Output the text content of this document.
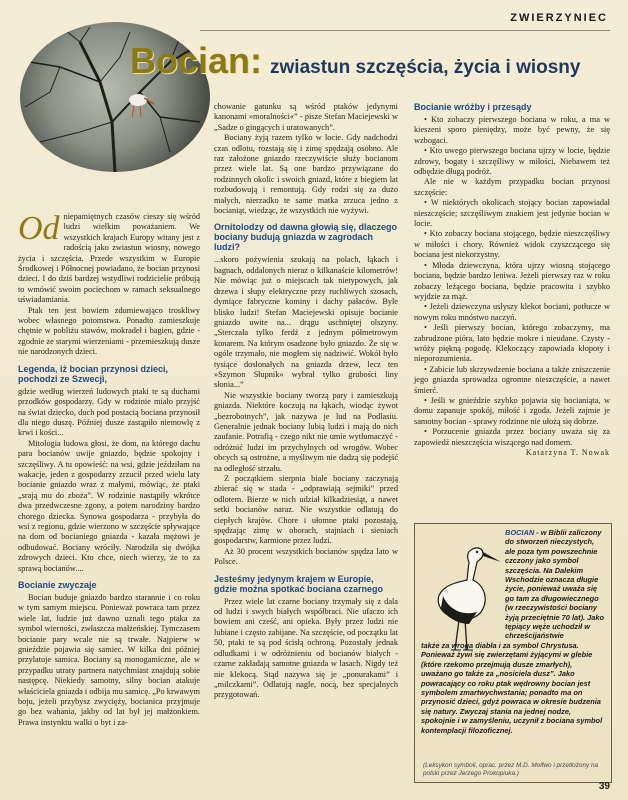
ZWIERZYNIEC
Bocian: zwiastun szczęścia, życia i wiosny

Od niepamiętnych czasów cieszy się wśród ludzi wielkim poważaniem. We wszystkich krajach Europy witany jest z radością jako zwiastun wiosny, nowego życia i szczęścia. Przede wszystkim w Europie Środkowej i Północnej powiadano, że bocian przynosi dzieci. I do dziś bardzej wstydliwi rodzicielie próbują to wmówić swoim pociechom w ramach seksualnego uświadamiania.

Ptak ten jest bowiem zdumiewająco troskliwy wobec własnego potomstwa. Ponadto zamieszkuje chętnie w pobliżu stawów, mokradeł i bagien, gdzie - zgodnie ze starymi wierzeniami - przemieszkują dusze nie narodzonych dzieci.

Legenda, iż bocian przynosi dzieci, pochodzi ze Szwecji,

gdzie według wierzeń ludowych ptaki te są duchami przodków gospodarzy. Gdy w rodzinie miało przyjść na świat dziecko, duch pod postacią bociana przynosił dla niego duszę. Później dusze zastąpiło niemowlę z krwi i kości...

Mitologia ludowa głosi, że dom, na którego dachu para bocianów uwije gniazdo, będzie spokojny i szczęśliwy. A tu opowieść: na wsi, gdzie jeździłam na wakacje, jeden z gospodarzy zrzucił przed wielu laty bocianie gniazdo wraz z małymi, mówiąc, że ptaki „srają mu do zboża”. W rodzinie nastąpiły wkrótce dwa przedwczesne zgony, a potem narodziny bardzo chorego dziecka. Synowa gospodarza - przybyła do wsi z regionu, gdzie wierzono w szczęście spływające na dom od bocianiego gniazda - kazała mężowi je odbudować. Bociany wróciły. Narodziła się dwójka zdrowych dzieci. Kto chce, niech wierzy, że to za sprawą bocianów....

Bocianie zwyczaje

Bocian buduje gniazdo bardzo starannie i co roku w tym samym miejscu. Ponieważ powraca tam przez wiele lat, ludzie już dawno uznali tego ptaka za symbol wierności, zwłaszcza małżeńskiej. Tymczasem bocianie pary wcale nie są trwałe. Najpierw w gnieździe pojawia się samiec. W kilka dni później przylatuje samica. Bociany są monogamiczne, ale w przypadku utraty partnera natychmiast znajdują sobie następcę. Niekiedy samotny, silny bocian atakuje właściciela gniazda i odbija mu samicę. „Po krwawym boju, jeżeli przybysz zwycięży, bocianica przyjmuje go bez wahania, jakby od lat był jej małżonkiem. Prawa instynktu walki o byt i za-

chowanie gatunku są wśród ptaków jedynymi kanonami »moralności«” - pisze Stefan Maciejewski w „Sadze o gingących i uratowanych”.

Bociany żyją razem tylko w locie. Gdy nadchodzi czas odlotu, rozstają się i zimę spędzają osobno. Ale raz założone gniazdo rzeczywiście służy bocianom przez wiele lat. Są one bardzo przywiązane do rodzinnych okolic i swoich gniazd, które z biegiem lat rozbudowują i remontują. Gdy rodzi się za dużo małych, nierzadko te same matka zrzuca jedno z bocianiąt, wiedząc, że wszystkich nie wyżywi.

Ornitolodzy od dawna głowią się, dlaczego bociany budują gniazda w zagrodach ludzi?

...skoro pożywienia szukają na polach, łąkach i bagnach, oddalonych nieraz o kilkanaście kilometrów! Nie mówiąc już o miejscach tak nietypowych, jak drzewa i słupy elektryczne przy ruchliwych szosach, dymiące fabryczne kominy i dachy pałaców. Byle blisko ludzi! Stefan Maciejewski opisuje bocianie gniazdo uwite na... drągu uschniętej olszyny. „Sterczała tylko ferdź z jednym półmetrowym konarem. Na którym osadzone było gniazdo. Że się w ogóle trzymało, nie mogłem się nadziwić. Wokół było tysiące dosłonałych na gniazda drzew, lecz ten »Szymon Słupnik« wybrał tylko grubości liny słonia...”

Nie wszystkie bociany tworzą pary i zamieszkują gniazda. Niektóre koczują na łąkach, wiodąc żywot „bezrobotnych”, jak nazywa je lud na Podlasiu. Generalnie jednak bociany lubią ludzi i mają do nich zaufanie. Potrafią - czego nikt nie umie wytłumaczyć - odróżnić ludzi im przychylnych od wrogów. Wobec obcych są ostrożne, a myśliwym nie dadzą się podejść na odległość strzału.

Z początkiem sierpnia białe bociany zaczynają zbierać się w stada - „odprawiają sejmiki” przed odlotem. Bierze w nich udział kilkadziesiąt, a nawet setki bocianów naraz. Nie wszystkie odlatują do ciepłych krajów. Chore i ułomne ptaki pozostają, spędzając zimę w oborach, stajniach i sieniach gospodarstw, karmione przez ludzi.

Aż 30 procent wszystkich bocianów spędza lato w Polsce.

Jesteśmy jedynym krajem w Europie, gdzie można spotkać bociana czarnego

Przez wiele lat czarne bociany trzymały się z dala od ludzi i swych białych współbraci. Nie ufaczo ich bowiem ani cześć, ani opieka. Były przez ludzi nie lubiane i często zabijane. Na szczęście, od początku lat 50, ptaki te są pod ścisłą ochroną. Pozostały jednak odludkami i w odróżnieniu od bocianów białych - czarne zakładają samotne gniazda w lasach. Nigdy też nie klekocą. Stąd nazywa się je „ponurakami” i „milczkami”. Odlatują nagle, nocą, bez specjalnych przygotowań.

Bocianie wróżby i przesądy

• Kto zobaczy pierwszego bociana w roku, a ma w kieszeni sporo pieniędzy, może być pewny, że się wzbogaci.

• Kto uwego pierwszego bociana ujrzy w locie, będzie zdrowy, bogaty i szczęśliwy w miłości. Niebawem też odbędzie długą podróż.

Ale nie w każdym przypadku bocian przynosi szczęście:

• W niektórych okolicach stojący bocian zapowiadał nieszczęście; szczęśliwym znakiem jest jedynie bocian w locie.

• Kto zobaczy bociana stojącego, będzie nieszczęśliwy w miłości i chory. Również widok czyszczącego się bociana jest niekorzystny.

• Młoda dziewczyna, która ujrzy wiosną stojącego bociana, będzie bardzo leniwa. Jeżeli pierwszy raz w roku zobaczy leżącego bociana, będzie pracowita i szybko wyjdzie za mąż.

• Jeżeli dziewczyna usłyszy klekot bociani, potłucze w nowym roku mnóstwo naczyń.

• Jeśli pierwszy bocian, którego zobaczymy, ma zabrudzone pióra, lato będzie mokre i nieudane. Czysty - wróży piękną pogodę. Klekoczący zapowiada kłopoty i nieporozumienia.

• Zabicie lub skrzywdzenie bociana a także zniszczenie jego gniazda sprowadza ogromne nieszczęście, a nawet śmierć.

• Jeśli w gnieździe szybko pojawia się bocianiąta, w domu zapanuje spokój, miłość i zgoda. Jeżeli zajmie je samotny bocian - sprawy rodzinne nie ułożą się dobrze.

• Porzucenie gniazda przez bociany uważa się za zapowiedź nieszczęścia wiszącego nad domem.

Katarzyna T. Nowak

BOCIAN - w Biblii zaliczony do stworzeń nieczystych, ale poza tym powszechnie czczony jako symbol szczęścia. Na Dalekim Wschodzie oznacza długie życie, ponieważ uważa się go tam za długowiecznego (w rzeczywistości bociany żyją przeciętnie 70 lat). Jako tępiący węże uchodził w chrześcijaństwie
także za wroga diabła i za symbol Chrystusa. Ponieważ żywi się zwierzętami żyjącymi w glebie (które rzekomo przejmują dusze zmarłych), uważano go także za „nosiciela dusz”. Jako powracający co roku ptak wędrowny bocian jest symbolem zmartwychwstania; ponadto ma on przynosić dzieci, gdyż powraca w okresie budzenia się natury. Zwyczaj stania na jednej nodze, spokojnie i w zamyśleniu, uczynił z bociana symbol kontemplacji filozoficznej.
(Leksykon symboli, oprac. przez M.D. Molfwo i przetłożony na polski przez Jerzego Prokopiuka.)
39
